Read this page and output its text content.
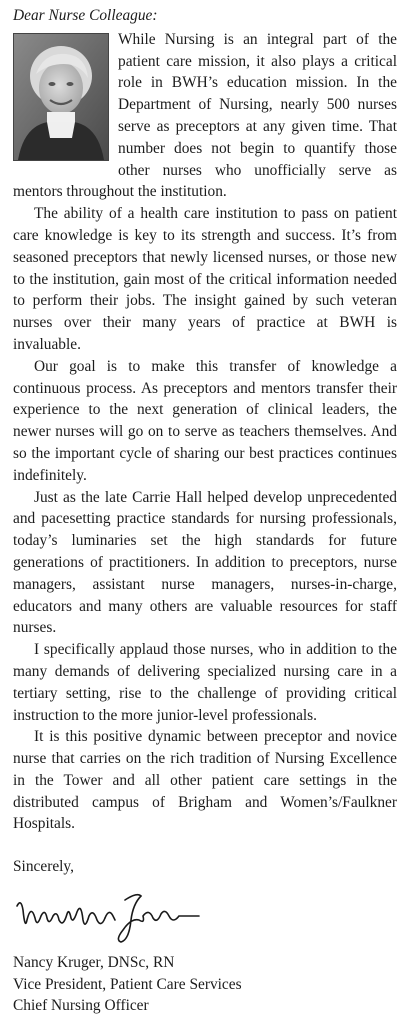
Dear Nurse Colleague:

While Nursing is an integral part of the patient care mission, it also plays a critical role in BWH’s education mission. In the Department of Nursing, nearly 500 nurses serve as preceptors at any given time. That number does not begin to quantify those other nurses who unofficially serve as mentors throughout the institution.

The ability of a health care institution to pass on patient care knowledge is key to its strength and success. It’s from seasoned preceptors that newly licensed nurses, or those new to the institution, gain most of the critical information needed to perform their jobs. The insight gained by such veteran nurses over their many years of practice at BWH is invaluable.

Our goal is to make this transfer of knowledge a continuous process. As preceptors and mentors transfer their experience to the next generation of clinical leaders, the newer nurses will go on to serve as teachers themselves. And so the important cycle of sharing our best practices continues indefinitely.

Just as the late Carrie Hall helped develop unprecedented and pacesetting practice standards for nursing professionals, today’s luminaries set the high standards for future generations of practitioners. In addition to preceptors, nurse managers, assistant nurse managers, nurses-in-charge, educators and many others are valuable resources for staff nurses.

I specifically applaud those nurses, who in addition to the many demands of delivering specialized nursing care in a tertiary setting, rise to the challenge of providing critical instruction to the more junior-level professionals.

It is this positive dynamic between preceptor and novice nurse that carries on the rich tradition of Nursing Excellence in the Tower and all other patient care settings in the distributed campus of Brigham and Women’s/Faulkner Hospitals.

Sincerely,
Nancy Kruger, DNSc, RN
Vice President, Patient Care Services
Chief Nursing Officer
